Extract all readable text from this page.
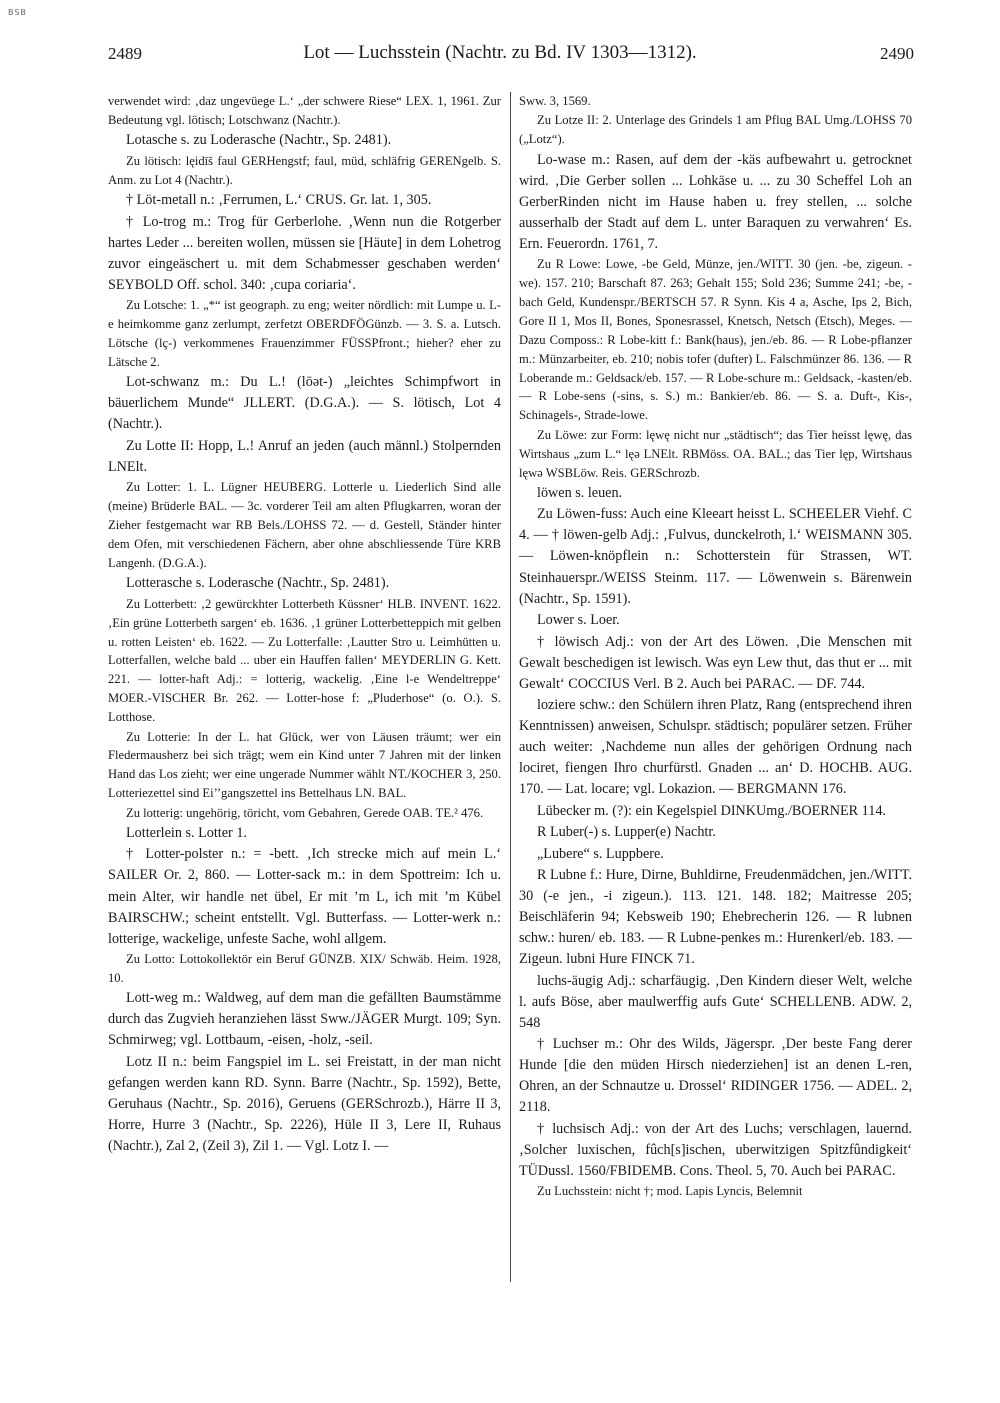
BSB
2489	Lot — Luchsstein (Nachtr. zu Bd. IV 1303—1312).	2490

verwendet wird: ‚daz ungevüege L.‘ „der schwere Riese“ LEX. 1, 1961. Zur Bedeutung vgl. lötisch; Lotschwanz (Nachtr.).

Lotasche s. zu Loderasche (Nachtr., Sp. 2481).

Zu lötisch: lęidīš faul GERHengstf; faul, müd, schläfrig GERENgelb. S. Anm. zu Lot 4 (Nachtr.).

† Löt-metall n.: ‚Ferrumen, L.‘ CRUS. Gr. lat. 1, 305.

† Lo-trog m.: Trog für Gerberlohe. ‚Wenn nun die Rotgerber hartes Leder ... bereiten wollen, müssen sie [Häute] in dem Lohetrog zuvor eingeäschert u. mit dem Schabmesser geschaben werden‘ SEYBOLD Off. schol. 340: ‚cupa coriaria‘.

Zu Lotsche: 1. „*“ ist geograph. zu eng; weiter nördlich: mit Lumpe u. L-e heimkomme ganz zerlumpt, zerfetzt OBERDFÖGünzb. — 3. S. a. Lutsch. Lötsche (lç-) verkommenes Frauenzimmer FÜSSPfront.; hieher? eher zu Lätsche 2.

Lot-schwanz m.: Du L.! (lōət-) „leichtes Schimpfwort in bäuerlichem Munde“ JLLERT. (D.G.A.). — S. lötisch, Lot 4 (Nachtr.).

Zu Lotte II: Hopp, L.! Anruf an jeden (auch männl.) Stolpernden LNElt.

Zu Lotter: 1. L. Lügner HEUBERG. Lotterle u. Liederlich Sind alle (meine) Brüderle BAL. — 3c. vorderer Teil am alten Pflugkarren, woran der Zieher festgemacht war RB Bels./LOHSS 72. — d. Gestell, Ständer hinter dem Ofen, mit verschiedenen Fächern, aber ohne abschliessende Türe KRB Langenh. (D.G.A.).

Lotterasche s. Loderasche (Nachtr., Sp. 2481).

Zu Lotterbett: ‚2 gewürckhter Lotterbeth Küssner‘ HLB. INVENT. 1622. ‚Ein grüne Lotterbeth sargen‘ eb. 1636. ‚1 grüner Lotterbetteppich mit gelben u. rotten Leisten‘ eb. 1622. — Zu Lotterfalle: ‚Lautter Stro u. Leimhütten u. Lotterfallen, welche bald ... uber ein Hauffen fallen‘ MEYDERLIN G. Kett. 221. — lotter-haft Adj.: = lotterig, wackelig. ‚Eine l-e Wendeltreppe‘ MOER.-VISCHER Br. 262. — Lotter-hose f: „Pluderhose“ (o. O.). S. Lotthose.

Zu Lotterie: In der L. hat Glück, wer von Läusen träumt; wer ein Fledermausherz bei sich trägt; wem ein Kind unter 7 Jahren mit der linken Hand das Los zieht; wer eine ungerade Nummer wählt NT./KOCHER 3, 250. Lotteriezettel sind Ei’’gangszettel ins Bettelhaus LN. BAL.

Zu lotterig: ungehörig, töricht, vom Gebahren, Gerede OAB. TE.² 476.

Lotterlein s. Lotter 1.

† Lotter-polster n.: = -bett. ‚Ich strecke mich auf mein L.‘ SAILER Or. 2, 860. — Lotter-sack m.: in dem Spottreim: Ich u. mein Alter, wir handle net übel, Er mit ’m L, ich mit ’m Kübel BAIRSCHW.; scheint entstellt. Vgl. Butterfass. — Lotter-werk n.: lotterige, wackelige, unfeste Sache, wohl allgem.

Zu Lotto: Lottokollektör ein Beruf GÜNZB. XIX/ Schwäb. Heim. 1928, 10.

Lott-weg m.: Waldweg, auf dem man die gefällten Baumstämme durch das Zugvieh heranziehen lässt Sww./JÄGER Murgt. 109; Syn. Schmirweg; vgl. Lottbaum, -eisen, -holz, -seil.

Lotz II n.: beim Fangspiel im L. sei Freistatt, in der man nicht gefangen werden kann RD. Synn. Barre (Nachtr., Sp. 1592), Bette, Geruhaus (Nachtr., Sp. 2016), Geruens (GERSchrozb.), Härre II 3, Horre, Hurre 3 (Nachtr., Sp. 2226), Hüle II 3, Lere II, Ruhaus (Nachtr.), Zal 2, (Zeil 3), Zil 1. — Vgl. Lotz I. —

Sww. 3, 1569.

Zu Lotze II: 2. Unterlage des Grindels 1 am Pflug BAL Umg./LOHSS 70 („Lotz“).

Lo-wase m.: Rasen, auf dem der -käs aufbewahrt u. getrocknet wird. ‚Die Gerber sollen ... Lohkäse u. ... zu 30 Scheffel Loh an GerberRinden nicht im Hause haben u. frey stellen, ... solche ausserhalb der Stadt auf dem L. unter Baraquen zu verwahren‘ Es. Ern. Feuerordn. 1761, 7.

Zu R Lowe: Lowe, -be Geld, Münze, jen./WITT. 30 (jen. -be, zigeun. -we). 157. 210; Barschaft 87. 263; Gehalt 155; Sold 236; Summe 241; -be, -bach Geld, Kundenspr./BERTSCH 57. R Synn. Kis 4 a, Asche, Ips 2, Bich, Gore II 1, Mos II, Bones, Sponesrassel, Knetsch, Netsch (Etsch), Meges. — Dazu Composs.: R Lobe-kitt f.: Bank(haus), jen./eb. 86. — R Lobe-pflanzer m.: Münzarbeiter, eb. 210; nobis tofer (dufter) L. Falschmünzer 86. 136. — R Loberande m.: Geldsack/eb. 157. — R Lobe-schure m.: Geldsack, -kasten/eb. — R Lobe-sens (-sins, s. S.) m.: Bankier/eb. 86. — S. a. Duft-, Kis-, Schinagels-, Strade-lowe.

Zu Löwe: zur Form: lęwę nicht nur „städtisch“; das Tier heisst lęwę, das Wirtshaus „zum L.“ lęə LNElt. RBMöss. OA. BAL.; das Tier lęp, Wirtshaus lęwə WSBLöw. Reis. GERSchrozb.

löwen s. leuen.

Zu Löwen-fuss: Auch eine Kleeart heisst L. SCHEELER Viehf. C 4. — † löwen-gelb Adj.: ‚Fulvus, dunckelroth, l.‘ WEISMANN 305. — Löwen-knöpflein n.: Schotterstein für Strassen, WT. Steinhauerspr./WEISS Steinm. 117. — Löwenwein s. Bärenwein (Nachtr., Sp. 1591).

Lower s. Loer.

† löwisch Adj.: von der Art des Löwen. ‚Die Menschen mit Gewalt beschedigen ist lewisch. Was eyn Lew thut, das thut er ... mit Gewalt‘ COCCIUS Verl. B 2. Auch bei PARAC. — DF. 744.

loziere schw.: den Schülern ihren Platz, Rang (entsprechend ihren Kenntnissen) anweisen, Schulspr. städtisch; populärer setzen. Früher auch weiter: ‚Nachdeme nun alles der gehörigen Ordnung nach lociret, fiengen Ihro churfürstl. Gnaden ... an‘ D. HOCHB. AUG. 170. — Lat. locare; vgl. Lokazion. — BERGMANN 176.

Lübecker m. (?): ein Kegelspiel DINKUmg./BOERNER 114.

R Luber(-) s. Lupper(e) Nachtr.

„Lubere“ s. Luppbere.

R Lubne f.: Hure, Dirne, Buhldirne, Freudenmädchen, jen./WITT. 30 (-e jen., -i zigeun.). 113. 121. 148. 182; Maitresse 205; Beischläferin 94; Kebsweib 190; Ehebrecherin 126. — R lubnen schw.: huren/ eb. 183. — R Lubne-penkes m.: Hurenkerl/eb. 183. — Zigeun. lubni Hure FINCK 71.

luchs-äugig Adj.: scharfäugig. ‚Den Kindern dieser Welt, welche l. aufs Böse, aber maulwerffig aufs Gute‘ SCHELLENB. ADW. 2, 548

† Luchser m.: Ohr des Wilds, Jägerspr. ‚Der beste Fang derer Hunde [die den müden Hirsch niederziehen] ist an denen L-ren, Ohren, an der Schnautze u. Drossel‘ RIDINGER 1756. — ADEL. 2, 2118.

† luchsisch Adj.: von der Art des Luchs; verschlagen, lauernd. ‚Solcher luxischen, fûch[s]ischen, uberwitzigen Spitzfûndigkeit‘ TÜDussl. 1560/FBIDEMB. Cons. Theol. 5, 70. Auch bei PARAC.

Zu Luchsstein: nicht †; mod. Lapis Lyncis, Belemnit
